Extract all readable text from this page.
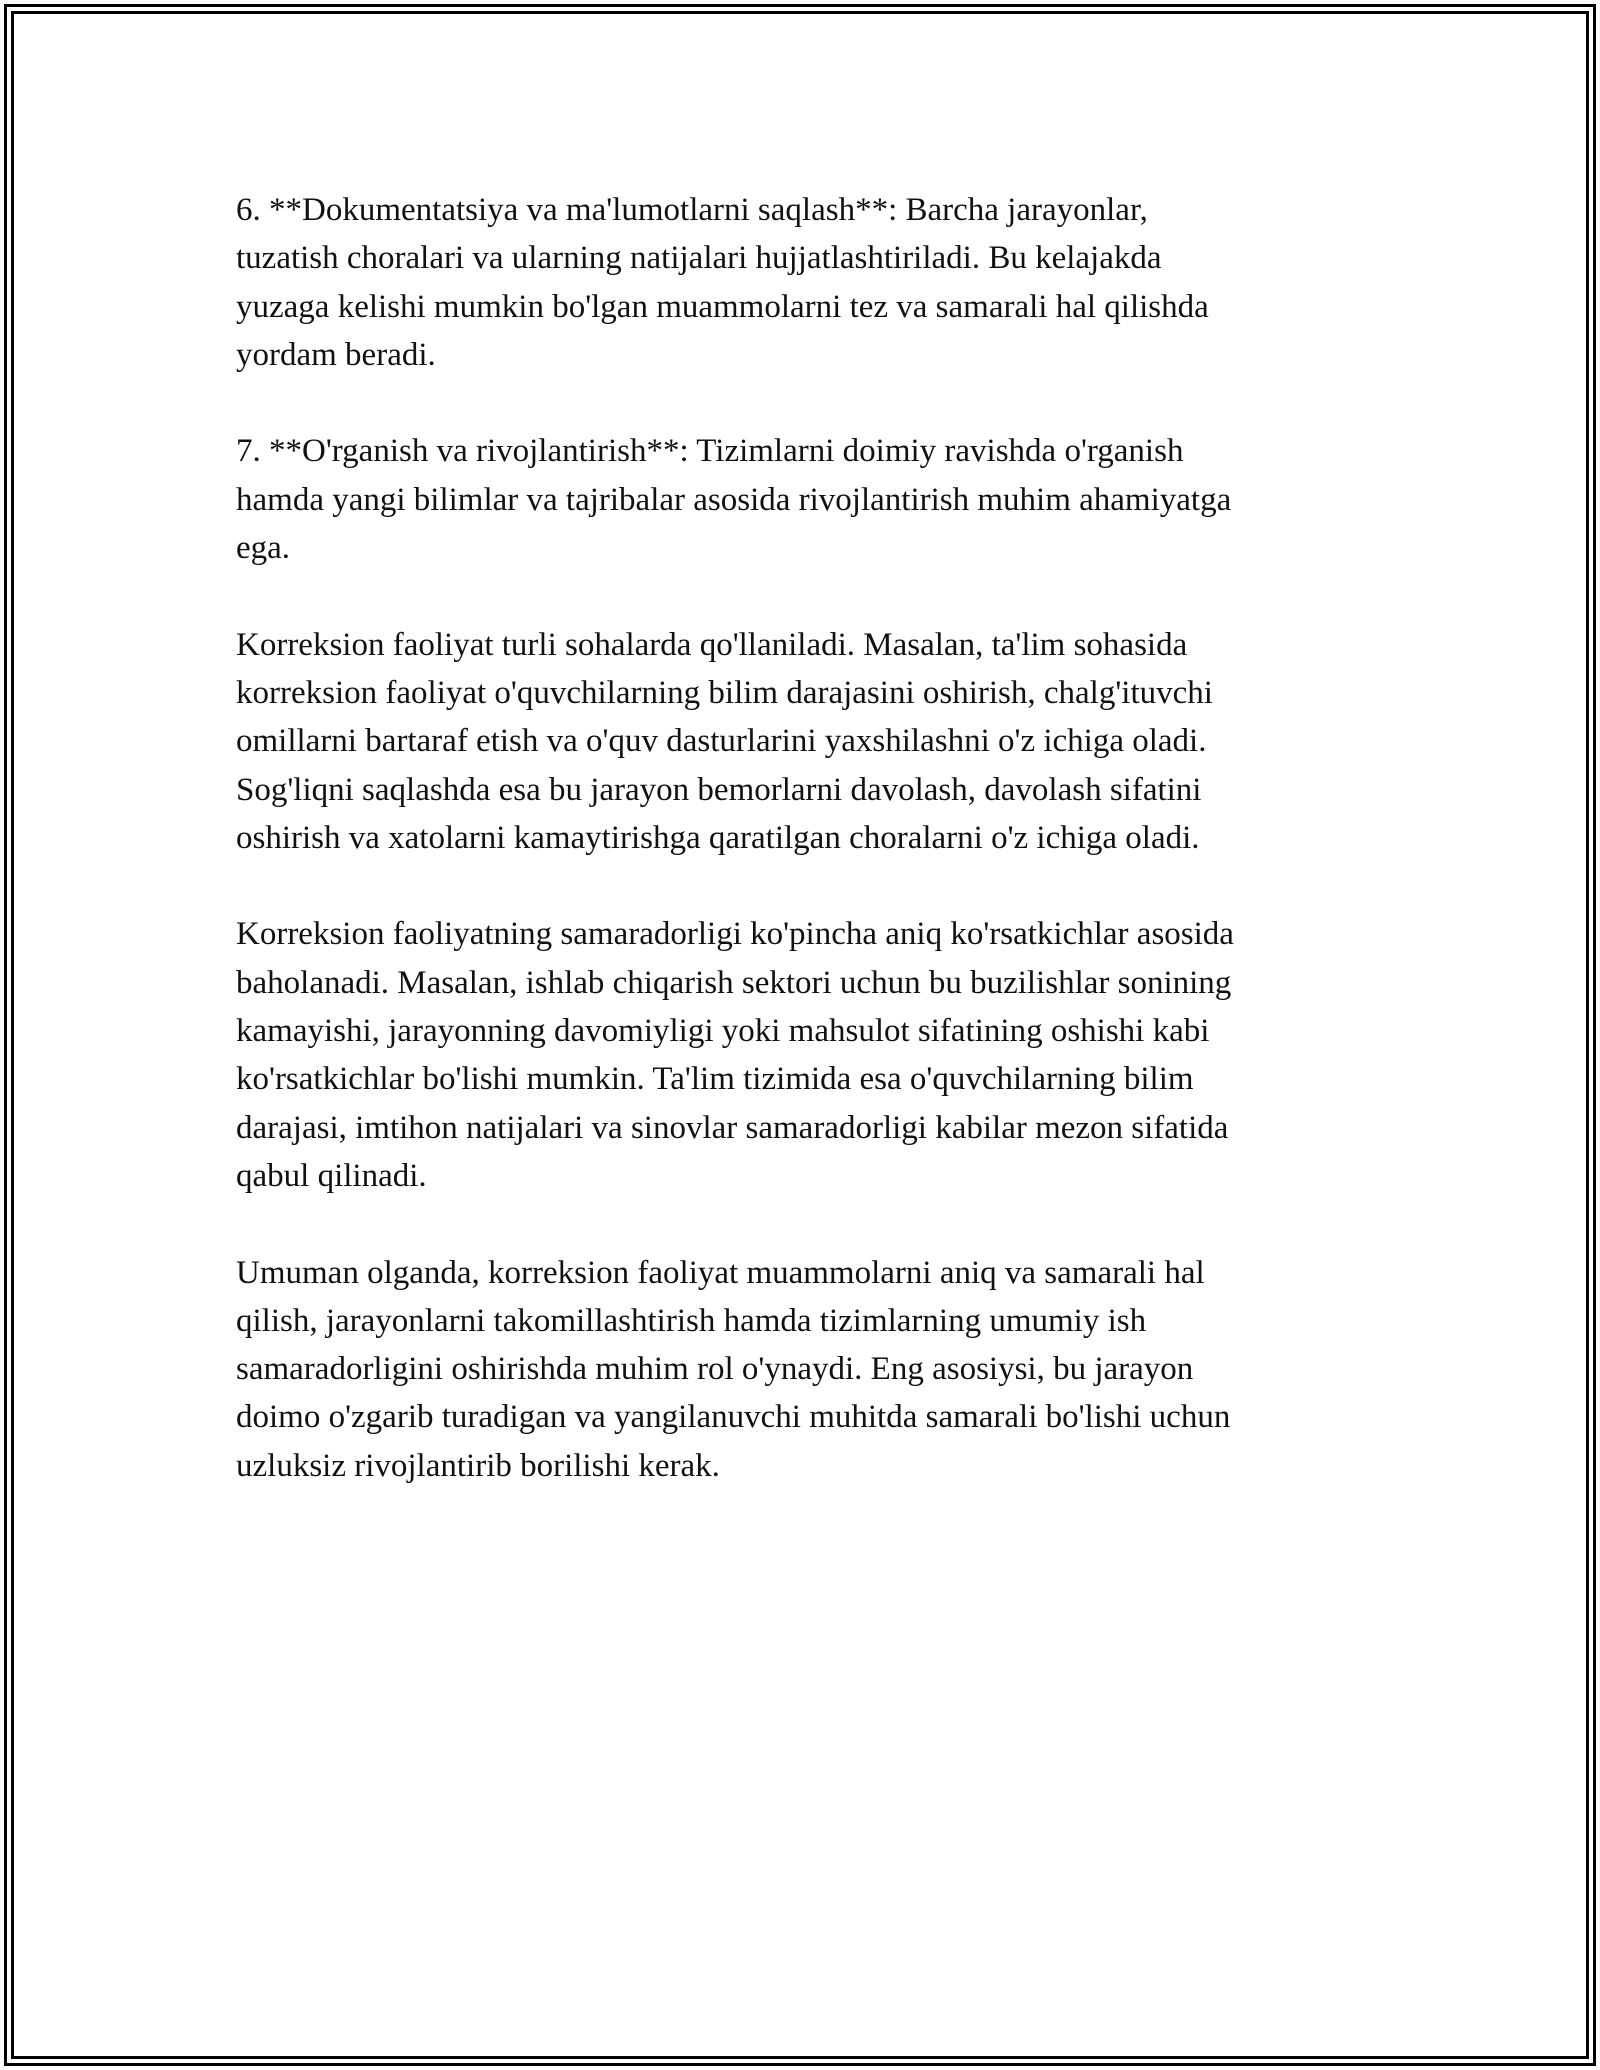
6. **Dokumentatsiya va ma'lumotlarni saqlash**: Barcha jarayonlar,
tuzatish choralari va ularning natijalari hujjatlashtiriladi. Bu kelajakda
yuzaga kelishi mumkin bo'lgan muammolarni tez va samarali hal qilishda
yordam beradi.

7. **O'rganish va rivojlantirish**: Tizimlarni doimiy ravishda o'rganish
hamda yangi bilimlar va tajribalar asosida rivojlantirish muhim ahamiyatga
ega.

Korreksion faoliyat turli sohalarda qo'llaniladi. Masalan, ta'lim sohasida
korreksion faoliyat o'quvchilarning bilim darajasini oshirish, chalg'ituvchi
omillarni bartaraf etish va o'quv dasturlarini yaxshilashni o'z ichiga oladi.
Sog'liqni saqlashda esa bu jarayon bemorlarni davolash, davolash sifatini
oshirish va xatolarni kamaytirishga qaratilgan choralarni o'z ichiga oladi.

Korreksion faoliyatning samaradorligi ko'pincha aniq ko'rsatkichlar asosida
baholanadi. Masalan, ishlab chiqarish sektori uchun bu buzilishlar sonining
kamayishi, jarayonning davomiyligi yoki mahsulot sifatining oshishi kabi
ko'rsatkichlar bo'lishi mumkin. Ta'lim tizimida esa o'quvchilarning bilim
darajasi, imtihon natijalari va sinovlar samaradorligi kabilar mezon sifatida
qabul qilinadi.

Umuman olganda, korreksion faoliyat muammolarni aniq va samarali hal
qilish, jarayonlarni takomillashtirish hamda tizimlarning umumiy ish
samaradorligini oshirishda muhim rol o'ynaydi. Eng asosiysi, bu jarayon
doimo o'zgarib turadigan va yangilanuvchi muhitda samarali bo'lishi uchun
uzluksiz rivojlantirib borilishi kerak.
